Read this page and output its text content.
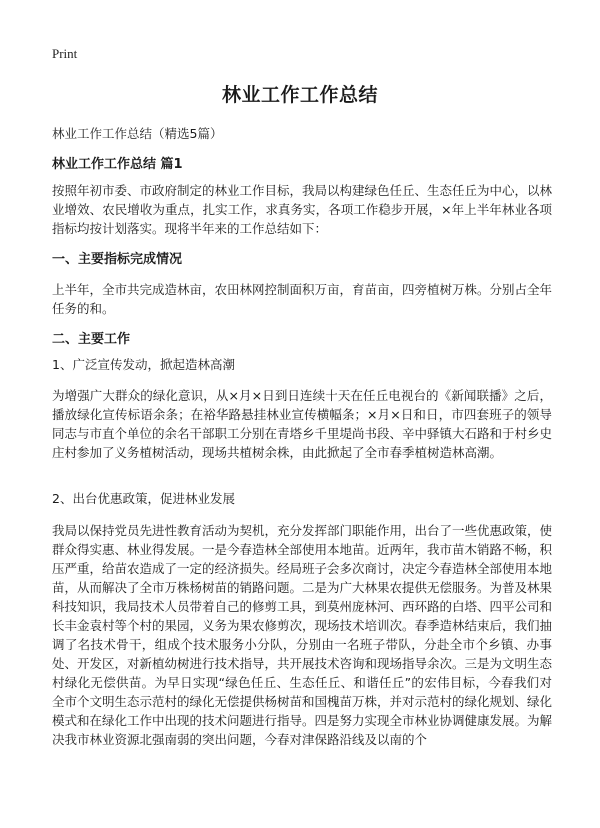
Print
林业工作工作总结
林业工作工作总结（精选5篇）
林业工作工作总结 篇1

按照年初市委、市政府制定的林业工作目标，我局以构建绿色任丘、生态任丘为中心，以林业增效、农民增收为重点，扎实工作，求真务实，各项工作稳步开展，×年上半年林业各项指标均按计划落实。现将半年来的工作总结如下：

一、主要指标完成情况

上半年，全市共完成造林亩，农田林网控制面积万亩，育苗亩，四旁植树万株。分别占全年任务的和。

二、主要工作
1、广泛宣传发动，掀起造林高潮

为增强广大群众的绿化意识，从×月×日到日连续十天在任丘电视台的《新闻联播》之后，播放绿化宣传标语余条；在裕华路悬挂林业宣传横幅条；×月×日和日，市四套班子的领导同志与市直个单位的余名干部职工分别在青塔乡千里堤尚书段、辛中驿镇大石路和于村乡史庄村参加了义务植树活动，现场共植树余株，由此掀起了全市春季植树造林高潮。

2、出台优惠政策，促进林业发展

我局以保持党员先进性教育活动为契机，充分发挥部门职能作用，出台了一些优惠政策，使群众得实惠、林业得发展。一是今春造林全部使用本地苗。近两年，我市苗木销路不畅，积压严重，给苗农造成了一定的经济损失。经局班子会多次商讨，决定今春造林全部使用本地苗，从而解决了全市万株杨树苗的销路问题。二是为广大林果农提供无偿服务。为普及林果科技知识，我局技术人员带着自己的修剪工具，到莫州庞林河、西环路的白塔、四平公司和长丰金袁村等个村的果园，义务为果农修剪次，现场技术培训次。春季造林结束后，我们抽调了名技术骨干，组成个技术服务小分队，分别由一名班子带队，分赴全市个乡镇、办事处、开发区，对新植幼树进行技术指导，共开展技术咨询和现场指导余次。三是为文明生态村绿化无偿供苗。为早日实现“绿色任丘、生态任丘、和谐任丘”的宏伟目标，今春我们对全市个文明生态示范村的绿化无偿提供杨树苗和国槐苗万株，并对示范村的绿化规划、绿化模式和在绿化工作中出现的技术问题进行指导。四是努力实现全市林业协调健康发展。为解决我市林业资源北强南弱的突出问题，今春对津保路沿线及以南的个
